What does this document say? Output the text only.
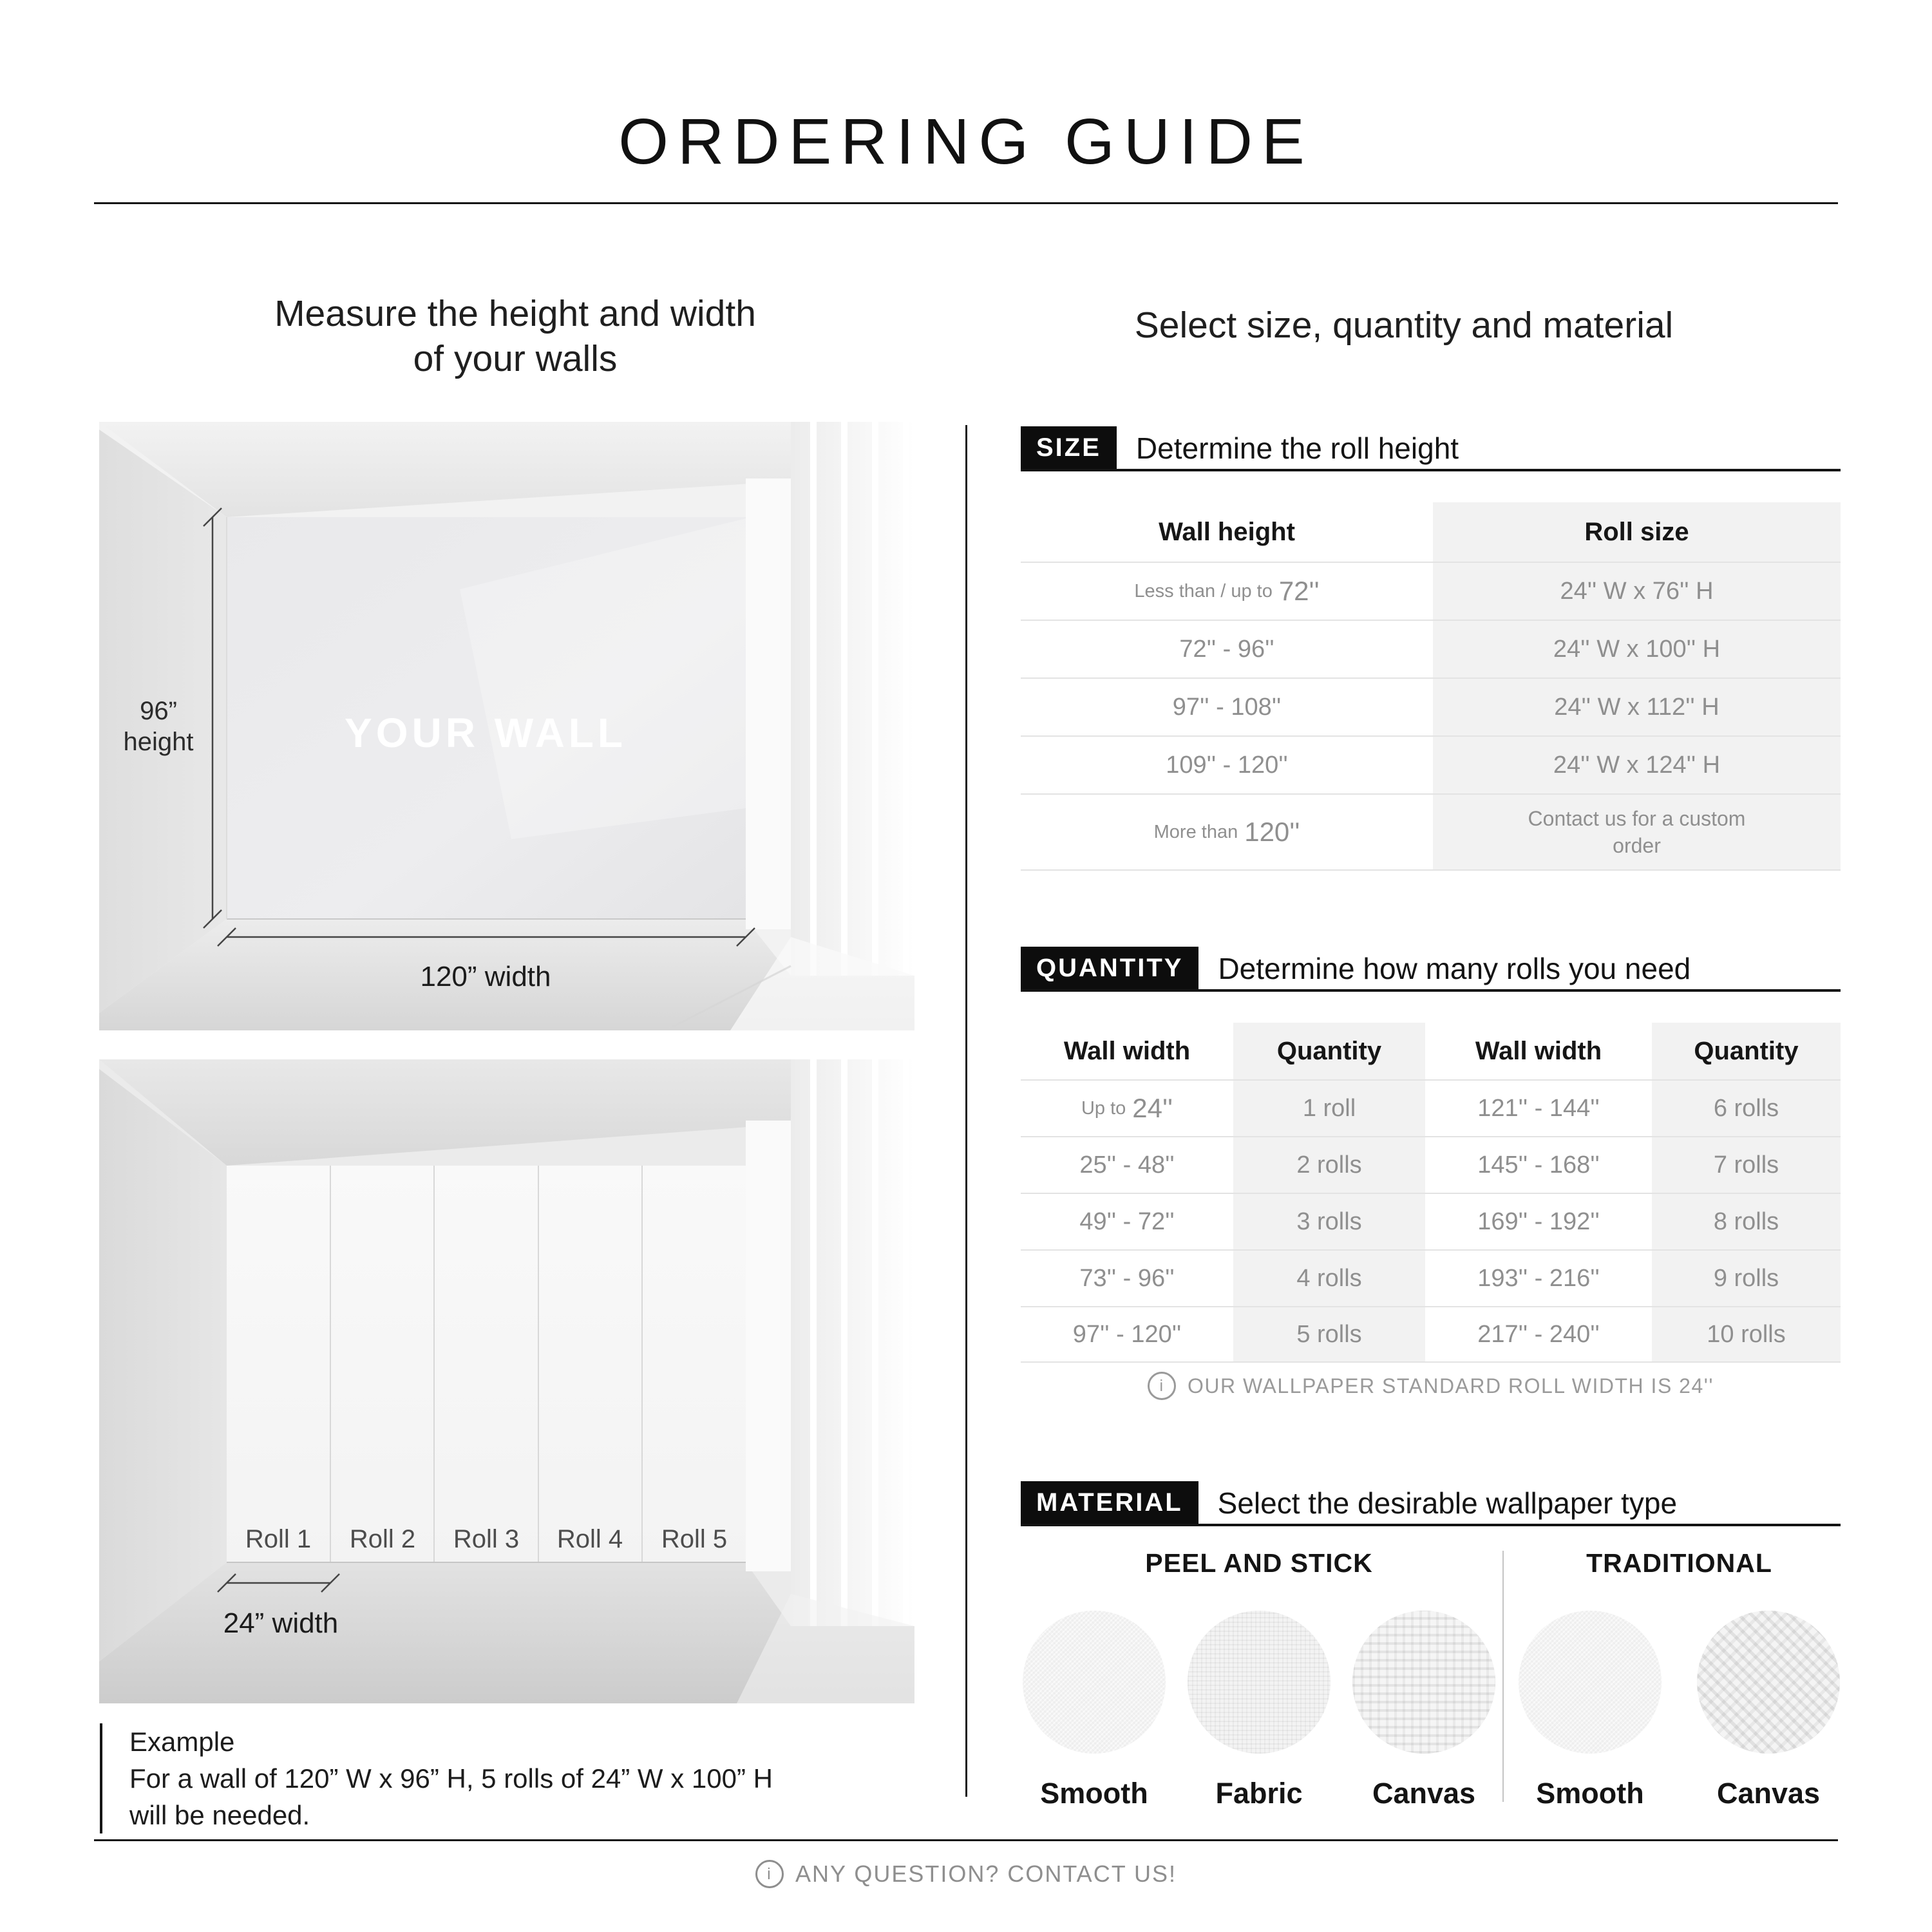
ORDERING GUIDE
Measure the height and width
of your walls
Select size, quantity and material
96”
height	YOUR WALL
120” width
Roll 1 Roll 2 Roll 3 Roll 4 Roll 5
24” width
Example
For a wall of 120” W x 96” H, 5 rolls of 24” W x 100” H
will be needed.
SIZE	Determine the roll height
Wall height	Roll size
Less than / up to 72''	24'' W x 76'' H
72'' - 96''	24'' W x 100'' H
97'' - 108''	24'' W x 112'' H
109'' - 120''	24'' W x 124'' H
More than 120''	Contact us for a custom order
QUANTITY	Determine how many rolls you need
Wall width	Quantity	Wall width	Quantity
Up to 24''	1 roll	121'' - 144''	6 rolls
25'' - 48''	2 rolls	145'' - 168''	7 rolls
49'' - 72''	3 rolls	169'' - 192''	8 rolls
73'' - 96''	4 rolls	193'' - 216''	9 rolls
97'' - 120''	5 rolls	217'' - 240''	10 rolls
i	OUR WALLPAPER STANDARD ROLL WIDTH IS 24''
MATERIAL	Select the desirable wallpaper type
PEEL AND STICK
Smooth Fabric Canvas
TRADITIONAL
Smooth	Canvas
i	ANY QUESTION? CONTACT US!
